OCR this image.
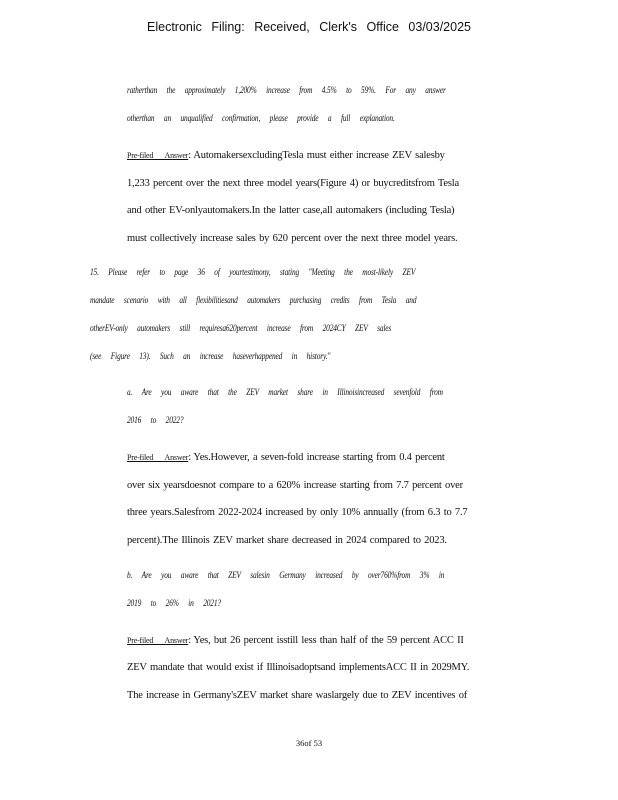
Electronic Filing: Received, Clerk's Office 03/03/2025
ratherthan the approximately 1,200% increase from 4.5% to 59%. For any answer
otherthan an unqualified confirmation, please provide a full explanation.
Pre-filed Answer: AutomakersexcludingTesla must either increase ZEV salesby
1,233 percent over the next three model years(Figure 4) or buycreditsfrom Tesla
and other EV-onlyautomakers.In the latter case,all automakers (including Tesla)
must collectively increase sales by 620 percent over the next three model years.
15. Please refer to page 36 of yourtestimony, stating "Meeting the most-likely ZEV
mandate scenario with all flexibilitiesand automakers purchasing credits from Tesla and
otherEV-only automakers still requiresa620percent increase from 2024CY ZEV sales
(see Figure 13). Such an increase haseverhappened in history."
a. Are you aware that the ZEV market share in Illinoisincreased sevenfold from
2016 to 2022?
Pre-filed Answer: Yes.However, a seven-fold increase starting from 0.4 percent
over six yearsdoesnot compare to a 620% increase starting from 7.7 percent over
three years.Salesfrom 2022-2024 increased by only 10% annually (from 6.3 to 7.7
percent).The Illinois ZEV market share decreased in 2024 compared to 2023.
b. Are you aware that ZEV salesin Germany increased by over760%from 3% in
2019 to 26% in 2021?
Pre-filed Answer: Yes, but 26 percent isstill less than half of the 59 percent ACC II
ZEV mandate that would exist if Illinoisadoptsand implementsACC II in 2029MY.
The increase in Germany'sZEV market share waslargely due to ZEV incentives of
36of 53
